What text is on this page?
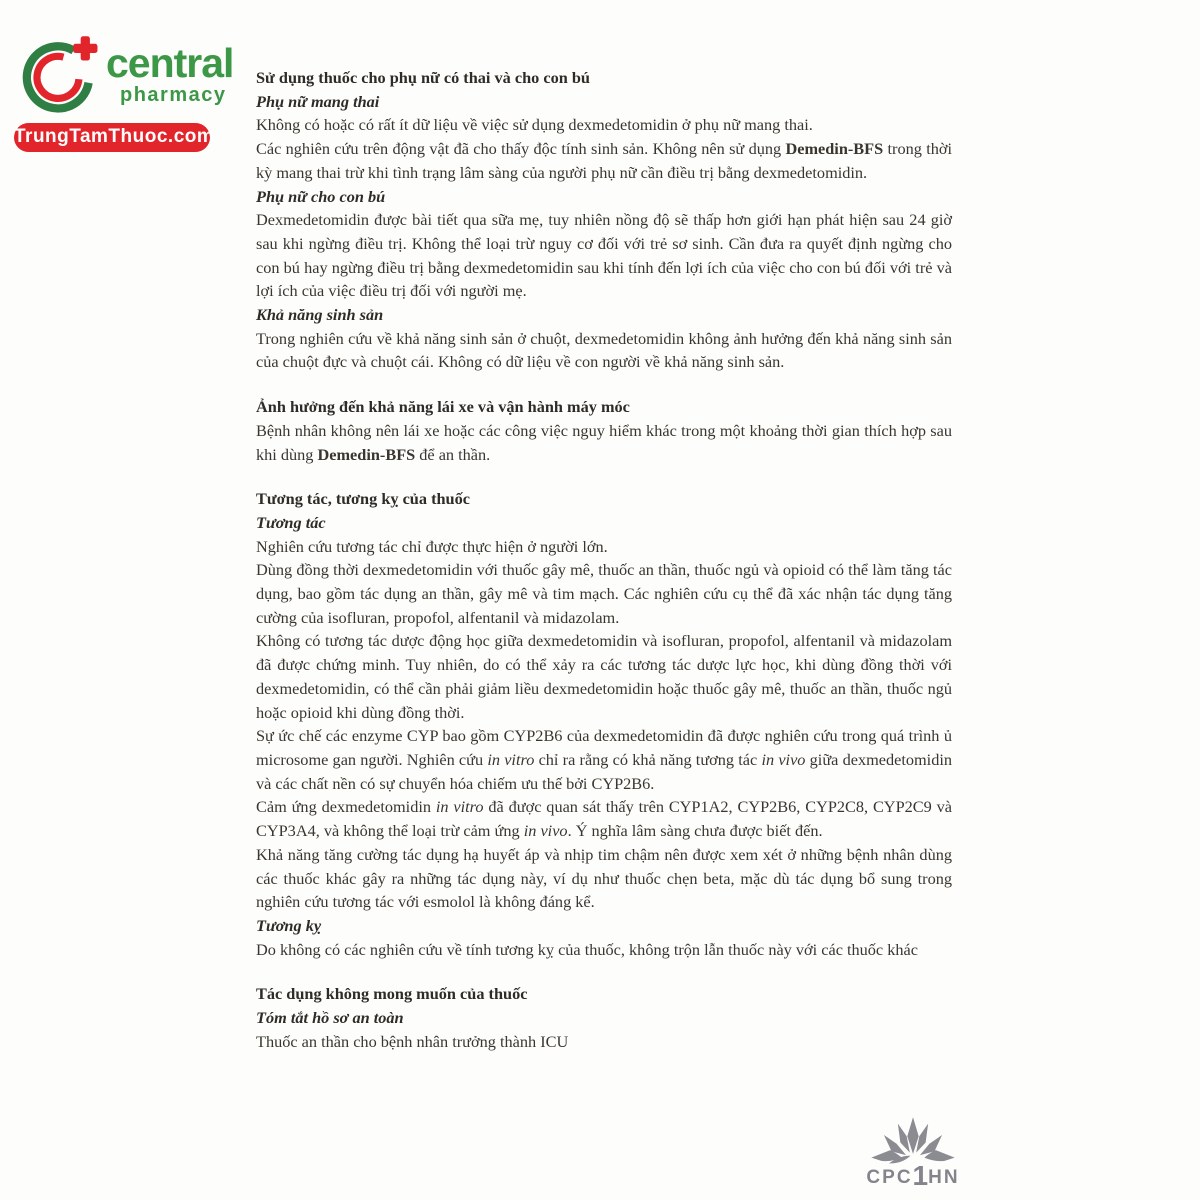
central
pharmacy
TrungTamThuoc.com

Sử dụng thuốc cho phụ nữ có thai và cho con bú

Phụ nữ mang thai

Không có hoặc có rất ít dữ liệu về việc sử dụng dexmedetomidin ở phụ nữ mang thai.

Các nghiên cứu trên động vật đã cho thấy độc tính sinh sản. Không nên sử dụng Demedin-BFS trong thời kỳ mang thai trừ khi tình trạng lâm sàng của người phụ nữ cần điều trị bằng dexmedetomidin.

Phụ nữ cho con bú

Dexmedetomidin được bài tiết qua sữa mẹ, tuy nhiên nồng độ sẽ thấp hơn giới hạn phát hiện sau 24 giờ sau khi ngừng điều trị. Không thể loại trừ nguy cơ đối với trẻ sơ sinh. Cần đưa ra quyết định ngừng cho con bú hay ngừng điều trị bằng dexmedetomidin sau khi tính đến lợi ích của việc cho con bú đối với trẻ và lợi ích của việc điều trị đối với người mẹ.

Khả năng sinh sản

Trong nghiên cứu về khả năng sinh sản ở chuột, dexmedetomidin không ảnh hưởng đến khả năng sinh sản của chuột đực và chuột cái. Không có dữ liệu về con người về khả năng sinh sản.

Ảnh hưởng đến khả năng lái xe và vận hành máy móc

Bệnh nhân không nên lái xe hoặc các công việc nguy hiểm khác trong một khoảng thời gian thích hợp sau khi dùng Demedin-BFS để an thần.

Tương tác, tương kỵ của thuốc

Tương tác

Nghiên cứu tương tác chỉ được thực hiện ở người lớn.

Dùng đồng thời dexmedetomidin với thuốc gây mê, thuốc an thần, thuốc ngủ và opioid có thể làm tăng tác dụng, bao gồm tác dụng an thần, gây mê và tim mạch. Các nghiên cứu cụ thể đã xác nhận tác dụng tăng cường của isofluran, propofol, alfentanil và midazolam.

Không có tương tác dược động học giữa dexmedetomidin và isofluran, propofol, alfentanil và midazolam đã được chứng minh. Tuy nhiên, do có thể xảy ra các tương tác dược lực học, khi dùng đồng thời với dexmedetomidin, có thể cần phải giảm liều dexmedetomidin hoặc thuốc gây mê, thuốc an thần, thuốc ngủ hoặc opioid khi dùng đồng thời.

Sự ức chế các enzyme CYP bao gồm CYP2B6 của dexmedetomidin đã được nghiên cứu trong quá trình ủ microsome gan người. Nghiên cứu in vitro chỉ ra rằng có khả năng tương tác in vivo giữa dexmedetomidin và các chất nền có sự chuyển hóa chiếm ưu thế bởi CYP2B6.

Cảm ứng dexmedetomidin in vitro đã được quan sát thấy trên CYP1A2, CYP2B6, CYP2C8, CYP2C9 và CYP3A4, và không thể loại trừ cảm ứng in vivo. Ý nghĩa lâm sàng chưa được biết đến.

Khả năng tăng cường tác dụng hạ huyết áp và nhịp tim chậm nên được xem xét ở những bệnh nhân dùng các thuốc khác gây ra những tác dụng này, ví dụ như thuốc chẹn beta, mặc dù tác dụng bổ sung trong nghiên cứu tương tác với esmolol là không đáng kể.

Tương kỵ

Do không có các nghiên cứu về tính tương kỵ của thuốc, không trộn lẫn thuốc này với các thuốc khác

Tác dụng không mong muốn của thuốc

Tóm tắt hồ sơ an toàn

Thuốc an thần cho bệnh nhân trưởng thành ICU

CPC1HN
